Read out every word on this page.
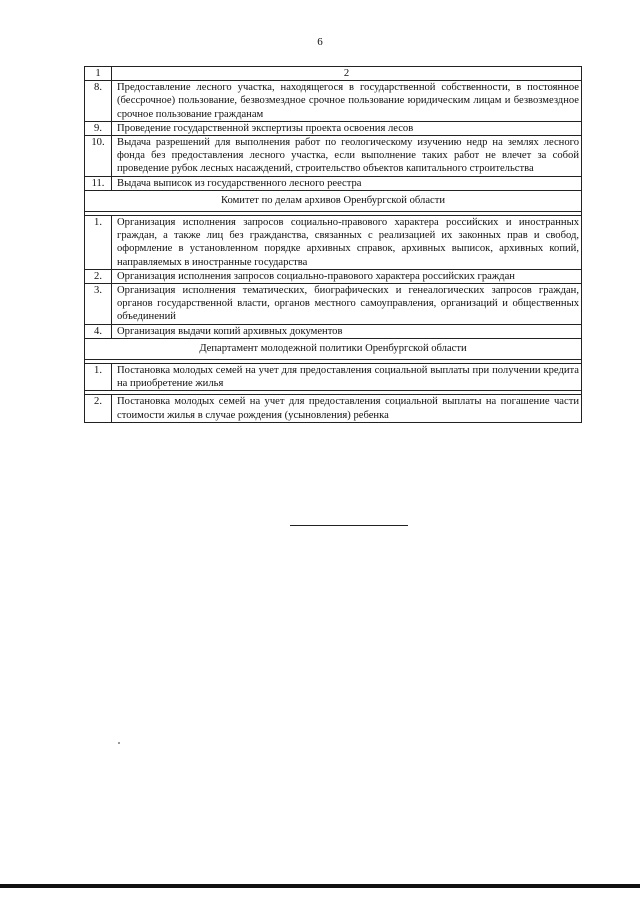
6
1	2
8.	Предоставление лесного участка, находящегося в государственной собственности, в постоянное (бессрочное) пользование, безвозмездное срочное пользование юридическим лицам и безвозмездное срочное пользование гражданам
9.	Проведение государственной экспертизы проекта освоения лесов
10.	Выдача разрешений для выполнения работ по геологическому изучению недр на землях лесного фонда без предоставления лесного участка, если выполнение таких работ не влечет за собой проведение рубок лесных насаждений, строительство объектов капитального строительства
11.	Выдача выписок из государственного лесного реестра
Комитет по делам архивов Оренбургской области	

1.	Организация исполнения запросов социально-правового характера российских и иностранных граждан, а также лиц без гражданства, связанных с реализацией их законных прав и свобод, оформление в установленном порядке архивных справок, архивных выписок, архивных копий, направляемых в иностранные государства
2.	Организация исполнения запросов социально-правового характера российских граждан
3.	Организация исполнения тематических, биографических и генеалогических запросов граждан, органов государственной власти, органов местного самоуправления, организаций и общественных объединений
4.	Организация выдачи копий архивных документов
Департамент молодежной политики Оренбургской области	

1.	Постановка молодых семей на учет для предоставления социальной выплаты при получении кредита на приобретение жилья

2.	Постановка молодых семей на учет для предоставления социальной выплаты на погашение части стоимости жилья в случае рождения (усыновления) ребенка
